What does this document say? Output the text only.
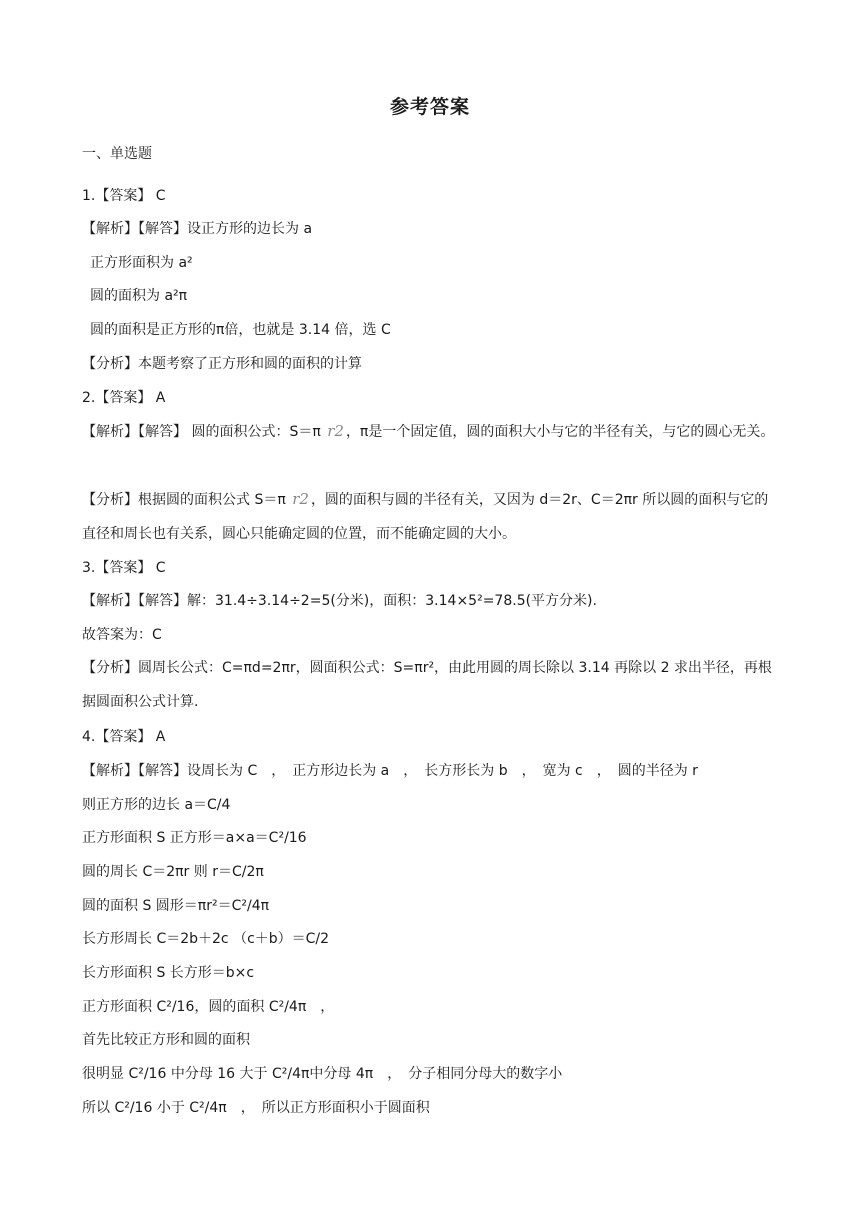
参考答案
一、单选题
1.【答案】 C
【解析】【解答】设正方形的边长为 a
正方形面积为 a²
圆的面积为 a²π
圆的面积是正方形的π倍，也就是 3.14 倍，选 C
【分析】本题考察了正方形和圆的面积的计算
2.【答案】 A
【解析】【解答】 圆的面积公式：S＝π r2 ，π是一个固定值，圆的面积大小与它的半径有关，与它的圆心无关。
【分析】根据圆的面积公式 S＝π r2 ，圆的面积与圆的半径有关，又因为 d＝2r、C＝2πr 所以圆的面积与它的直径和周长也有关系，圆心只能确定圆的位置，而不能确定圆的大小。
3.【答案】 C
【解析】【解答】解：31.4÷3.14÷2=5(分米)，面积：3.14×5²=78.5(平方分米).
故答案为：C
【分析】圆周长公式：C=πd=2πr，圆面积公式：S=πr²，由此用圆的周长除以 3.14 再除以 2 求出半径，再根据圆面积公式计算.
4.【答案】 A
【解析】【解答】设周长为 C　，　正方形边长为 a　，　长方形长为 b　，　宽为 c　，　圆的半径为 r
则正方形的边长 a＝C/4
正方形面积 S 正方形＝a×a＝C²/16
圆的周长 C＝2πr 则 r＝C/2π
圆的面积 S 圆形＝πr²＝C²/4π
长方形周长 C＝2b＋2c （c＋b）＝C/2
长方形面积 S 长方形＝b×c
正方形面积 C²/16，圆的面积 C²/4π　，
首先比较正方形和圆的面积
很明显 C²/16 中分母 16 大于 C²/4π中分母 4π　，　分子相同分母大的数字小
所以 C²/16 小于 C²/4π　，　所以正方形面积小于圆面积
